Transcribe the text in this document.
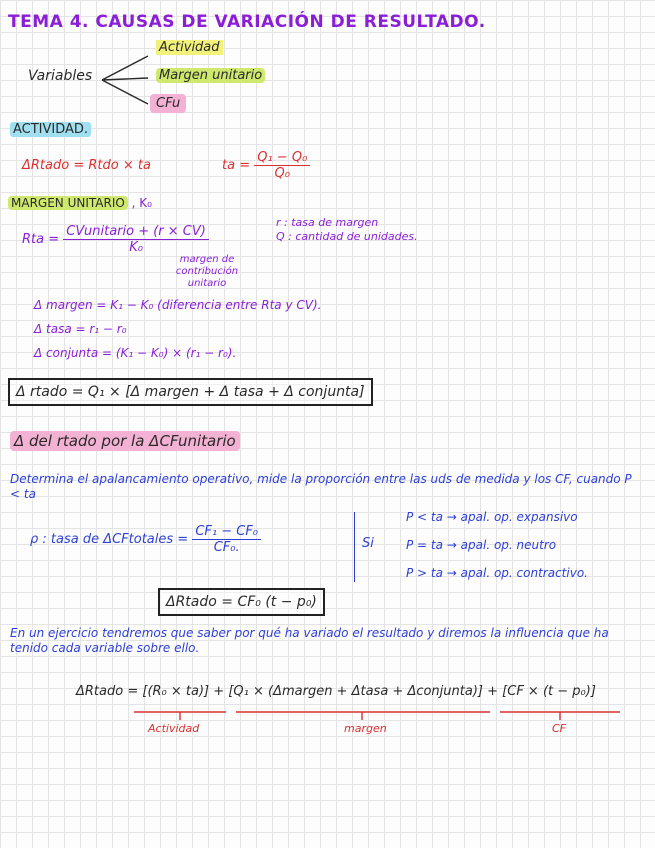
TEMA 4. CAUSAS DE VARIACIÓN DE RESULTADO.
Variables
Actividad
Margen unitario
CFu
ACTIVIDAD.
ΔRtado = Rtdo × ta	ta = $\frac{\text{Q₁ − Q₀}}{\text{Q₀}}$
MARGEN UNITARIO , K₀
Rta = $\frac{\text{CVunitario + (r × CV)}}{\text{K₀}}$
margen de contribución unitario
r : tasa de margen
Q : cantidad de unidades.
Δ margen = K₁ − K₀ (diferencia entre Rta y CV).
Δ tasa = r₁ − r₀
Δ conjunta = (K₁ − K₀) × (r₁ − r₀).
Δ rtado = Q₁ × [Δ margen + Δ tasa + Δ conjunta]
Δ del rtado por la ΔCFunitario
Determina el apalancamiento operativo, mide la proporción entre las uds de medida y los CF, cuando P < ta
ρ : tasa de ΔCFtotales = $\frac{\text{CF₁ − CF₀}}{\text{CF₀.}}$	Si
P < ta → apal. op. expansivo
P = ta → apal. op. neutro
P > ta → apal. op. contractivo.
ΔRtado = CF₀ (t − p₀)
En un ejercicio tendremos que saber por qué ha variado el resultado y diremos la influencia que ha tenido cada variable sobre ello.
ΔRtado = [(R₀ × ta)] + [Q₁ × (Δmargen + Δtasa + Δconjunta)] + [CF × (t − p₀)]
Actividad	margen	CF
